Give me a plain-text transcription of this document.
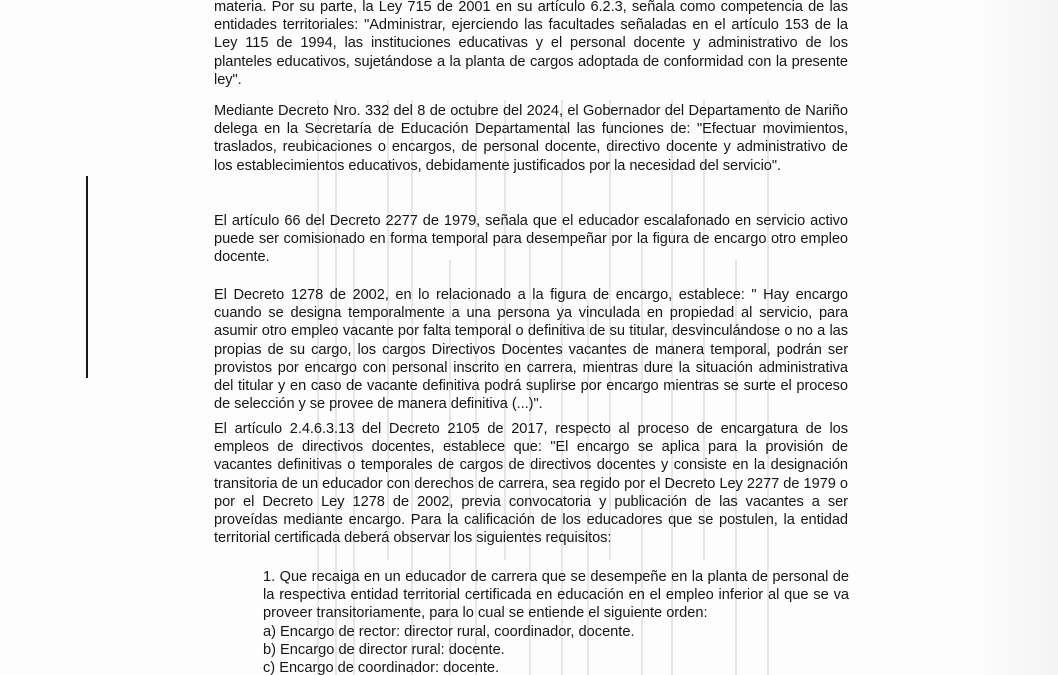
materia. Por su parte, la Ley 715 de 2001 en su artículo 6.2.3, señala como competencia de las entidades territoriales: "Administrar, ejerciendo las facultades señaladas en el artículo 153 de la Ley 115 de 1994, las instituciones educativas y el personal docente y administrativo de los planteles educativos, sujetándose a la planta de cargos adoptada de conformidad con la presente ley".

Mediante Decreto Nro. 332 del 8 de octubre del 2024, el Gobernador del Departamento de Nariño delega en la Secretaría de Educación Departamental las funciones de: "Efectuar movimientos, traslados, reubicaciones o encargos, de personal docente, directivo docente y administrativo de los establecimientos educativos, debidamente justificados por la necesidad del servicio".

El artículo 66 del Decreto 2277 de 1979, señala que el educador escalafonado en servicio activo puede ser comisionado en forma temporal para desempeñar por la figura de encargo otro empleo docente.

El Decreto 1278 de 2002, en lo relacionado a la figura de encargo, establece: " Hay encargo cuando se designa temporalmente a una persona ya vinculada en propiedad al servicio, para asumir otro empleo vacante por falta temporal o definitiva de su titular, desvinculándose o no a las propias de su cargo, los cargos Directivos Docentes vacantes de manera temporal, podrán ser provistos por encargo con personal inscrito en carrera, mientras dure la situación administrativa del titular y en caso de vacante definitiva podrá suplirse por encargo mientras se surte el proceso de selección y se provee de manera definitiva (...)".

El artículo 2.4.6.3.13 del Decreto 2105 de 2017, respecto al proceso de encargatura de los empleos de directivos docentes, establece que: "El encargo se aplica para la provisión de vacantes definitivas o temporales de cargos de directivos docentes y consiste en la designación transitoria de un educador con derechos de carrera, sea regido por el Decreto Ley 2277 de 1979 o por el Decreto Ley 1278 de 2002, previa convocatoria y publicación de las vacantes a ser proveídas mediante encargo. Para la calificación de los educadores que se postulen, la entidad territorial certificada deberá observar los siguientes requisitos:

1. Que recaiga en un educador de carrera que se desempeñe en la planta de personal de la respectiva entidad territorial certificada en educación en el empleo inferior al que se va proveer transitoriamente, para lo cual se entiende el siguiente orden:

a) Encargo de rector: director rural, coordinador, docente.

b) Encargo de director rural: docente.

c) Encargo de coordinador: docente.
